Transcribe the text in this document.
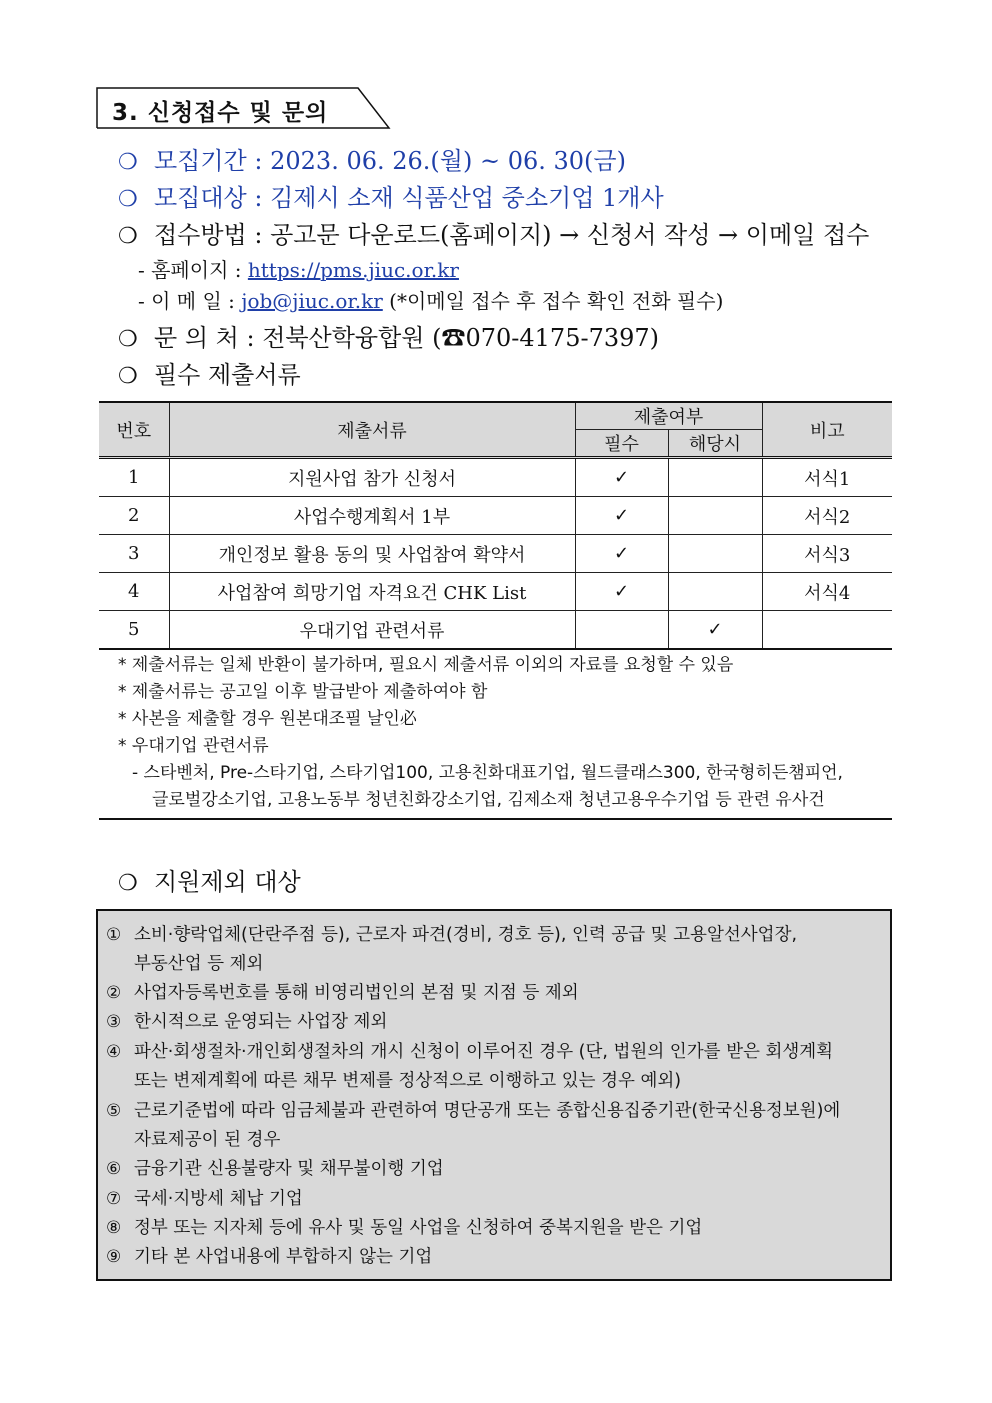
3. 신청접수 및 문의
❍ 모집기간 : 2023. 06. 26.(월) ~ 06. 30(금)
❍ 모집대상 : 김제시 소재 식품산업 중소기업 1개사
❍ 접수방법 : 공고문 다운로드(홈페이지) → 신청서 작성 → 이메일 접수
- 홈페이지 : https://pms.jiuc.or.kr
- 이 메 일 : job@jiuc.or.kr (*이메일 접수 후 접수 확인 전화 필수)
❍ 문 의 처 : 전북산학융합원 (☎070-4175-7397)
❍ 필수 제출서류
번호	제출서류	제출여부		비고
		필수	해당시	
1	지원사업 참가 신청서	✓		서식1
2	사업수행계획서 1부	✓		서식2
3	개인정보 활용 동의 및 사업참여 확약서	✓		서식3
4	사업참여 희망기업 자격요건 CHK List	✓		서식4
5	우대기업 관련서류		✓	
* 제출서류는 일체 반환이 불가하며, 필요시 제출서류 이외의 자료를 요청할 수 있음
* 제출서류는 공고일 이후 발급받아 제출하여야 함
* 사본을 제출할 경우 원본대조필 날인必
* 우대기업 관련서류
- 스타벤처, Pre-스타기업, 스타기업100, 고용친화대표기업, 월드클래스300, 한국형히든챔피언,
글로벌강소기업, 고용노동부 청년친화강소기업, 김제소재 청년고용우수기업 등 관련 유사건
❍ 지원제외 대상
① 소비·향락업체(단란주점 등), 근로자 파견(경비, 경호 등), 인력 공급 및 고용알선사업장,
부동산업 등 제외
② 사업자등록번호를 통해 비영리법인의 본점 및 지점 등 제외
③ 한시적으로 운영되는 사업장 제외
④ 파산·회생절차·개인회생절차의 개시 신청이 이루어진 경우 (단, 법원의 인가를 받은 회생계획
또는 변제계획에 따른 채무 변제를 정상적으로 이행하고 있는 경우 예외)
⑤ 근로기준법에 따라 임금체불과 관련하여 명단공개 또는 종합신용집중기관(한국신용정보원)에
자료제공이 된 경우
⑥ 금융기관 신용불량자 및 채무불이행 기업
⑦ 국세·지방세 체납 기업
⑧ 정부 또는 지자체 등에 유사 및 동일 사업을 신청하여 중복지원을 받은 기업
⑨ 기타 본 사업내용에 부합하지 않는 기업
